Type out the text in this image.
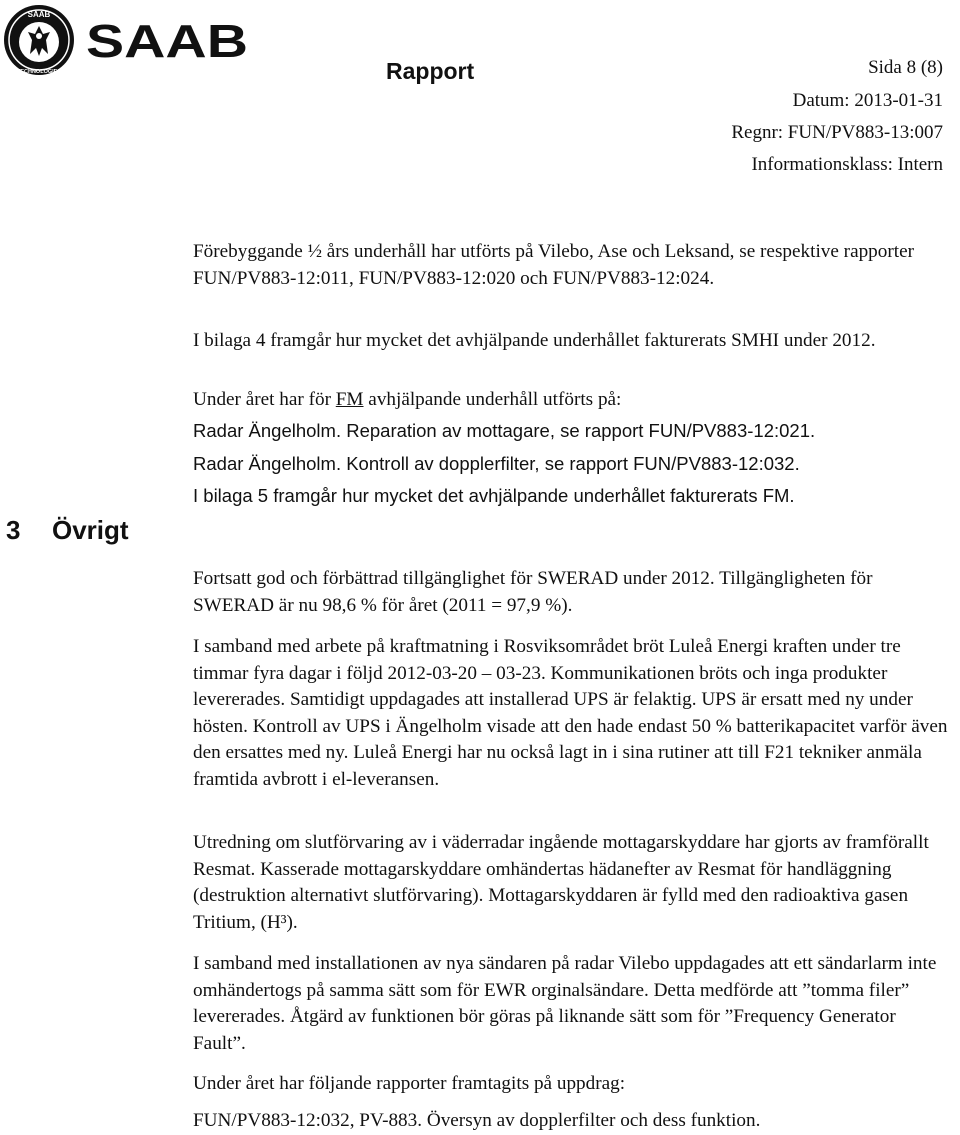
SAAB
TECHNOLOGIES
SAAB
Rapport	Sida 8 (8)
Datum: 2013-01-31
Regnr: FUN/PV883-13:007
Informationsklass: Intern

Förebyggande ½ års underhåll har utförts på Vilebo, Ase och Leksand, se respektive rapporter FUN/PV883-12:011, FUN/PV883-12:020 och FUN/PV883-12:024.

I bilaga 4 framgår hur mycket det avhjälpande underhållet fakturerats SMHI under 2012.

Under året har för FM avhjälpande underhåll utförts på:

Radar Ängelholm. Reparation av mottagare, se rapport FUN/PV883-12:021.

Radar Ängelholm. Kontroll av dopplerfilter, se rapport FUN/PV883-12:032.

I bilaga 5 framgår hur mycket det avhjälpande underhållet fakturerats FM.

3 Övrigt

Fortsatt god och förbättrad tillgänglighet för SWERAD under 2012. Tillgängligheten för SWERAD är nu 98,6 % för året (2011 = 97,9 %).

I samband med arbete på kraftmatning i Rosviksområdet bröt Luleå Energi kraften under tre timmar fyra dagar i följd 2012-03-20 – 03-23. Kommunikationen bröts och inga produkter levererades. Samtidigt uppdagades att installerad UPS är felaktig. UPS är ersatt med ny under hösten. Kontroll av UPS i Ängelholm visade att den hade endast 50 % batterikapacitet varför även den ersattes med ny. Luleå Energi har nu också lagt in i sina rutiner att till F21 tekniker anmäla framtida avbrott i el-leveransen.

Utredning om slutförvaring av i väderradar ingående mottagarskyddare har gjorts av framförallt Resmat. Kasserade mottagarskyddare omhändertas hädanefter av Resmat för handläggning (destruktion alternativt slutförvaring). Mottagarskyddaren är fylld med den radioaktiva gasen Tritium, (H³).

I samband med installationen av nya sändaren på radar Vilebo uppdagades att ett sändarlarm inte omhändertogs på samma sätt som för EWR orginalsändare. Detta medförde att ”tomma filer” levererades. Åtgärd av funktionen bör göras på liknande sätt som för ”Frequency Generator Fault”.

Under året har följande rapporter framtagits på uppdrag:

FUN/PV883-12:032, PV-883. Översyn av dopplerfilter och dess funktion.
